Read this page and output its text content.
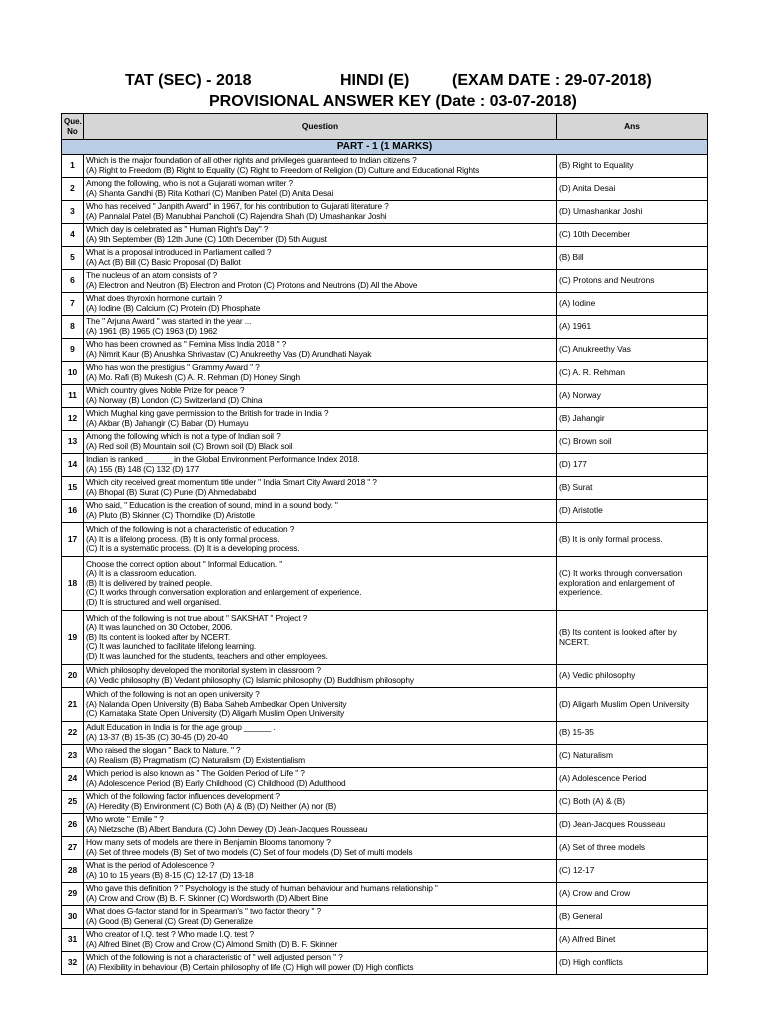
TAT (SEC) - 2018	HINDI (E)	(EXAM DATE : 29-07-2018)
PROVISIONAL ANSWER KEY (Date : 03-07-2018)
Que. No	Question	Ans
PART - 1 (1 MARKS)		
1	Which is the major foundation of all other rights and privileges guaranteed to Indian citizens ?
(A) Right to Freedom (B) Right to Equality (C) Right to Freedom of Religion (D) Culture and Educational Rights	(B) Right to Equality
2	Among the following, who is not a Gujarati woman writer ?
(A) Shanta Gandhi (B) Rita Kothari (C) Maniben Patel (D) Anita Desai	(D) Anita Desai
3	Who has received " Janpith Award" in 1967, for his contribution to Gujarati literature ?
(A) Pannalal Patel (B) Manubhai Pancholi (C) Rajendra Shah (D) Umashankar Joshi	(D) Umashankar Joshi
4	Which day is celebrated as " Human Right's Day" ?
(A) 9th September (B) 12th June (C) 10th December (D) 5th August	(C) 10th December
5	What is a proposal introduced in Parliament called ?
(A) Act (B) Bill (C) Basic Proposal (D) Ballot	(B) Bill
6	The nucleus of an atom consists of ?
(A) Electron and Neutron (B) Electron and Proton (C) Protons and Neutrons (D) All the Above	(C) Protons and Neutrons
7	What does thyroxin hormone curtain ?
(A) Iodine (B) Calcium (C) Protein (D) Phosphate	(A) Iodine
8	The " Arjuna Award " was started in the year ...
(A) 1961 (B) 1965 (C) 1963 (D) 1962	(A) 1961
9	Who has been crowned as " Femina Miss India 2018 " ?
(A) Nimrit Kaur (B) Anushka Shrivastav (C) Anukreethy Vas (D) Arundhati Nayak	(C) Anukreethy Vas
10	Who has won the prestigius " Grammy Award " ?
(A) Mo. Rafi (B) Mukesh (C) A. R. Rehman (D) Honey Singh	(C) A. R. Rehman
11	Which country gives Noble Prize for peace ?
(A) Norway (B) London (C) Switzerland (D) China	(A) Norway
12	Which Mughal king gave permission to the British for trade in India ?
(A) Akbar (B) Jahangir (C) Babar (D) Humayu	(B) Jahangir
13	Among the following which is not a type of Indian soil ?
(A) Red soil (B) Mountain soil (C) Brown soil (D) Black soil	(C) Brown soil
14	Indian is ranked ______ in the Global Environment Performance Index 2018.
(A) 155 (B) 148 (C) 132 (D) 177	(D) 177
15	Which city received great momentum title under " India Smart City Award 2018 " ?
(A) Bhopal (B) Surat (C) Pune (D) Ahmedababd	(B) Surat
16	Who said, " Education is the creation of sound, mind in a sound body. "
(A) Pluto (B) Skinner (C) Thorndike (D) Aristotle	(D) Aristotle
17	Which of the following is not a characteristic of education ?
(A) It is a lifelong process. (B) It is only formal process.
(C) It is a systematic process. (D) It is a developing process.	(B) It is only formal process.
18	Choose the correct option about " Informal Education. "
(A) It is a classroom education.
(B) It is delivered by trained people.
(C) It works through conversation exploration and enlargement of experience.
(D) It is structured and well organised.	(C) It works through conversation exploration and enlargement of experience.
19	Which of the following is not true about " SAKSHAT " Project ?
(A) It was launched on 30 October, 2006.
(B) Its content is looked after by NCERT.
(C) It was launched to facilitate lifelong learning.
(D) It was launched for the students, teachers and other employees.	(B) Its content is looked after by NCERT.
20	Which philosophy developed the monitorial system in classroom ?
(A) Vedic philosophy (B) Vedant philosophy (C) Islamic philosophy (D) Buddhism philosophy	(A) Vedic philosophy
21	Which of the following is not an open university ?
(A) Nalanda Open University (B) Baba Saheb Ambedkar Open University
(C) Karnataka State Open University (D) Aligarh Muslim Open University	(D) Aligarh Muslim Open University
22	Adult Education in India is for the age group ______ .
(A) 13-37 (B) 15-35 (C) 30-45 (D) 20-40	(B) 15-35
23	Who raised the slogan " Back to Nature. " ?
(A) Realism (B) Pragmatism (C) Naturalism (D) Existentialism	(C) Naturalism
24	Which period is also known as " The Golden Period of Life " ?
(A) Adolescence Period (B) Early Childhood (C) Childhood (D) Adulthood	(A) Adolescence Period
25	Which of the following factor influences development ?
(A) Heredity (B) Environment (C) Both (A) & (B) (D) Neither (A) nor (B)	(C) Both (A) & (B)
26	Who wrote " Emile " ?
(A) Nietzsche (B) Albert Bandura (C) John Dewey (D) Jean-Jacques Rousseau	(D) Jean-Jacques Rousseau
27	How many sets of models are there in Benjamin Blooms tanomony ?
(A) Set of three models (B) Set of two models (C) Set of four models (D) Set of multi models	(A) Set of three models
28	What is the period of Adolescence ?
(A) 10 to 15 years (B) 8-15 (C) 12-17 (D) 13-18	(C) 12-17
29	Who gave this definition ? " Psychology is the study of human behaviour and humans relationship "
(A) Crow and Crow (B) B. F. Skinner (C) Wordsworth (D) Albert Bine	(A) Crow and Crow
30	What does G-factor stand for in Spearman's " two factor theory " ?
(A) Good (B) General (C) Great (D) Generalize	(B) General
31	Who creator of I.Q. test ? Who made I.Q. test ?
(A) Alfred Binet (B) Crow and Crow (C) Almond Smith (D) B. F. Skinner	(A) Alfred Binet
32	Which of the following is not a characteristic of " well adjusted person " ?
(A) Flexibility in behaviour (B) Certain philosophy of life (C) High will power (D) High conflicts	(D) High conflicts
